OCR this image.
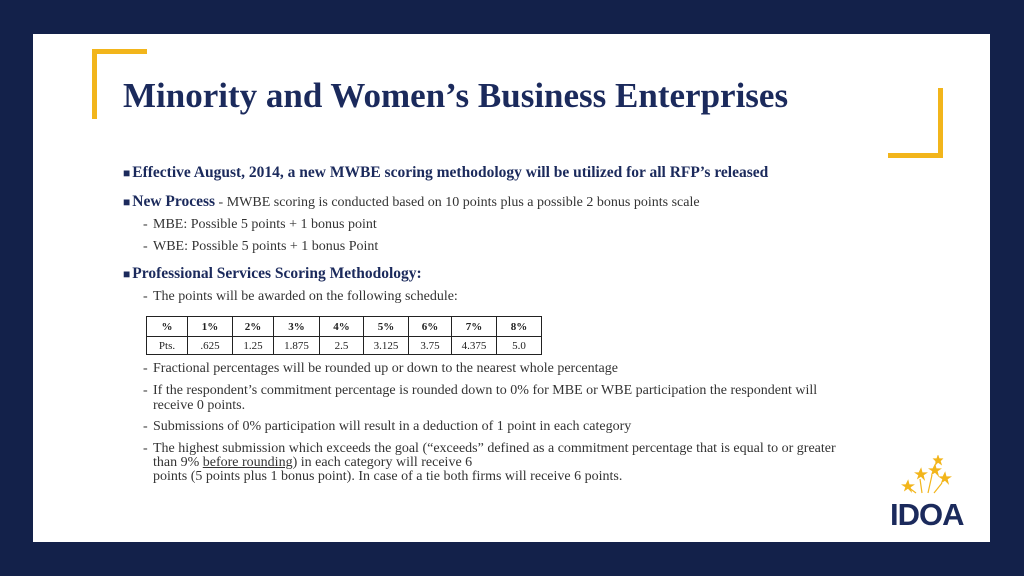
Minority and Women’s Business Enterprises
■ Effective August, 2014, a new MWBE scoring methodology will be utilized for all RFP’s released
■ New Process - MWBE scoring is conducted based on 10 points plus a possible 2 bonus points scale
- MBE: Possible 5 points + 1 bonus point
- WBE: Possible 5 points + 1 bonus Point
■ Professional Services Scoring Methodology:
- The points will be awarded on the following schedule:
%	1%	2%	3%	4%	5%	6%	7%	8%
Pts.	.625	1.25	1.875	2.5	3.125	3.75	4.375	5.0
- Fractional percentages will be rounded up or down to the nearest whole percentage
- If the respondent’s commitment percentage is rounded down to 0% for MBE or WBE participation the respondent will
receive 0 points.
- Submissions of 0% participation will result in a deduction of 1 point in each category
- The highest submission which exceeds the goal (“exceeds” defined as a commitment percentage that is equal to or greater
than 9% before rounding) in each category will receive 6
points (5 points plus 1 bonus point). In case of a tie both firms will receive 6 points.
IDOA
